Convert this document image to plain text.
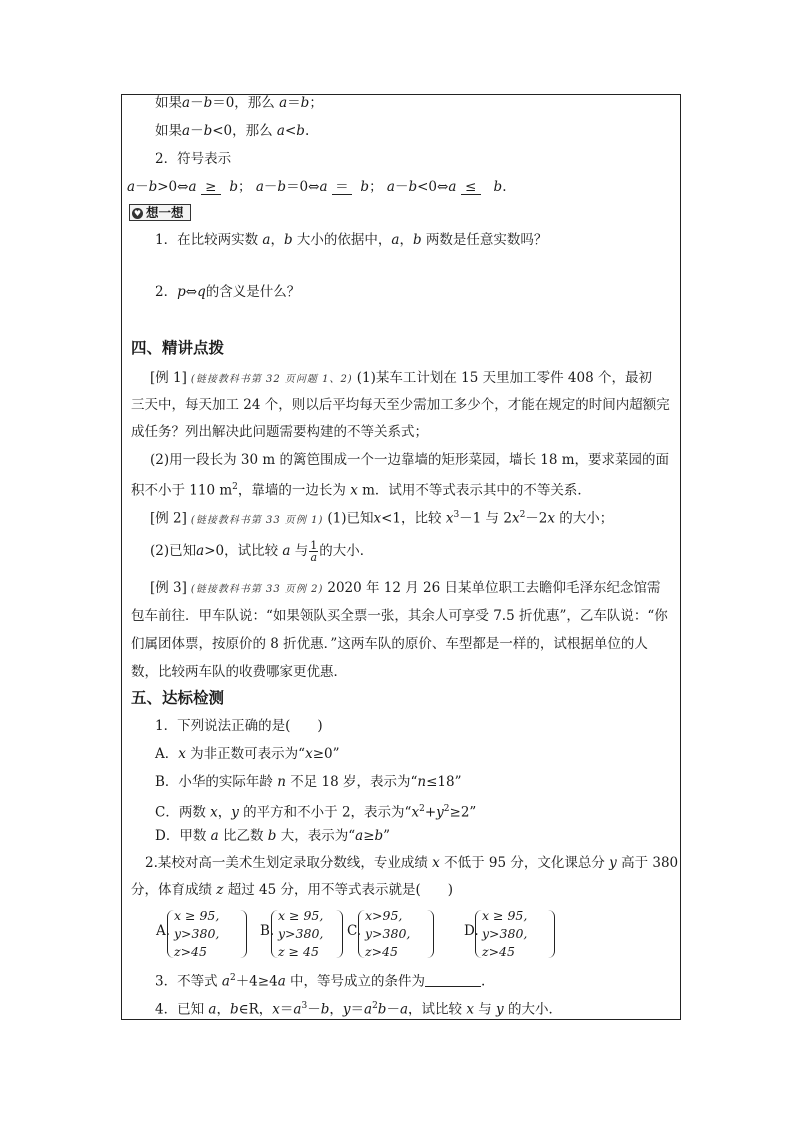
如果a－b＝0，那么 a＝b；
如果a－b<0，那么 a<b.
2．符号表示
a－b>0⇔a ≥ b； a－b＝0⇔a ＝ b； a－b<0⇔a ≤ b.
♥ 想一想
1．在比较两实数 a，b 大小的依据中，a，b 两数是任意实数吗？
2．p⇔q的含义是什么？
四、精讲点拨
[例 1] (链接教科书第 32 页问题 1、2) (1)某车工计划在 15 天里加工零件 408 个，最初
三天中，每天加工 24 个，则以后平均每天至少需加工多少个，才能在规定的时间内超额完
成任务？列出解决此问题需要构建的不等关系式；
(2)用一段长为 30 m 的篱笆围成一个一边靠墙的矩形菜园，墙长 18 m，要求菜园的面
积不小于 110 $m^2$，靠墙的一边长为 x m．试用不等式表示其中的不等关系．
[例 2] (链接教科书第 33 页例 1) (1)已知x<1，比较 $x^3-1$ 与 $2x^2-2x$ 的大小；
(2)已知a>0，试比较 a 与 $\frac{1}{a}$的大小．
[例 3] (链接教科书第 33 页例 2) 2020 年 12 月 26 日某单位职工去瞻仰毛泽东纪念馆需
包车前往．甲车队说：“如果领队买全票一张，其余人可享受 7.5 折优惠”，乙车队说：“你
们属团体票，按原价的 8 折优惠．”这两车队的原价、车型都是一样的，试根据单位的人
数，比较两车队的收费哪家更优惠．
五、达标检测
1．下列说法正确的是(　　)
A．x 为非正数可表示为“x≥0”
B．小华的实际年龄 n 不足 18 岁，表示为“n≤18”
C．两数 x，y 的平方和不小于 2，表示为“$x^2+y^2\ge 2$”
D．甲数 a 比乙数 b 大，表示为“a≥b”
2.某校对高一美术生划定录取分数线，专业成绩 x 不低于 95 分，文化课总分 y 高于 380
分，体育成绩 z 超过 45 分，用不等式表示就是(　　)
A.
x ≥ 95,
y>380,
z>45
B.
x ≥ 95,
y>380,
z ≥ 45
C.
x>95,
y>380,
z>45
D.
x ≥ 95,
y>380,
z>45
3．不等式 $a^2+4\ge 4a$ 中，等号成立的条件为	.
4．已知 a，b∈R，$x=a^3-b$，$y=a^2b-a$，试比较 x 与 y 的大小．
